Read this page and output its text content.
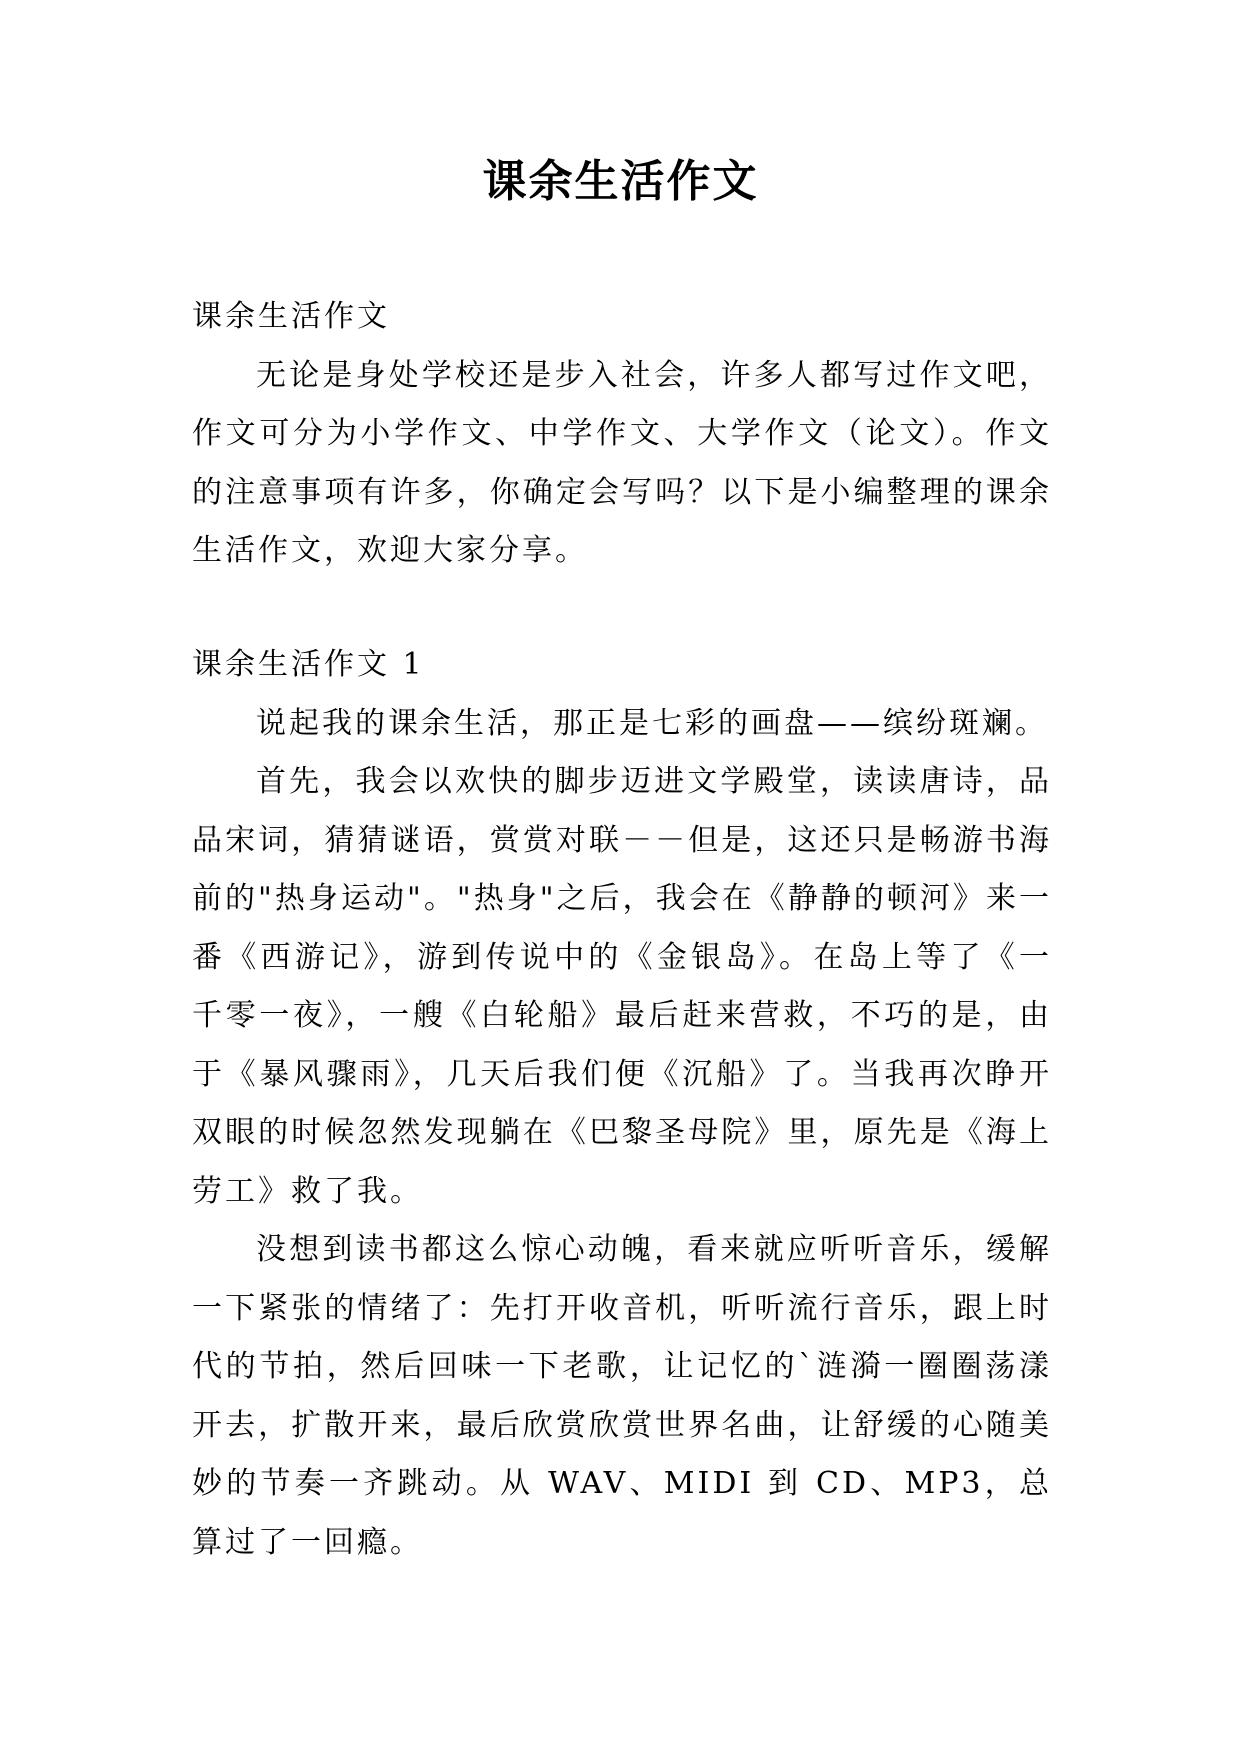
课余生活作文

课余生活作文

无论是身处学校还是步入社会，许多人都写过作文吧，作文可分为小学作文、中学作文、大学作文（论文）。作文的注意事项有许多，你确定会写吗？以下是小编整理的课余生活作文，欢迎大家分享。

课余生活作文 1

说起我的课余生活，那正是七彩的画盘——缤纷斑斓。

首先，我会以欢快的脚步迈进文学殿堂，读读唐诗，品品宋词，猜猜谜语，赏赏对联－－但是，这还只是畅游书海前的"热身运动"。"热身"之后，我会在《静静的顿河》来一番《西游记》，游到传说中的《金银岛》。在岛上等了《一千零一夜》，一艘《白轮船》最后赶来营救，不巧的是，由于《暴风骤雨》，几天后我们便《沉船》了。当我再次睁开双眼的时候忽然发现躺在《巴黎圣母院》里，原先是《海上劳工》救了我。

没想到读书都这么惊心动魄，看来就应听听音乐，缓解一下紧张的情绪了：先打开收音机，听听流行音乐，跟上时代的节拍，然后回味一下老歌，让记忆的`涟漪一圈圈荡漾开去，扩散开来，最后欣赏欣赏世界名曲，让舒缓的心随美妙的节奏一齐跳动。从 WAV、MIDI 到 CD、MP3，总算过了一回瘾。
